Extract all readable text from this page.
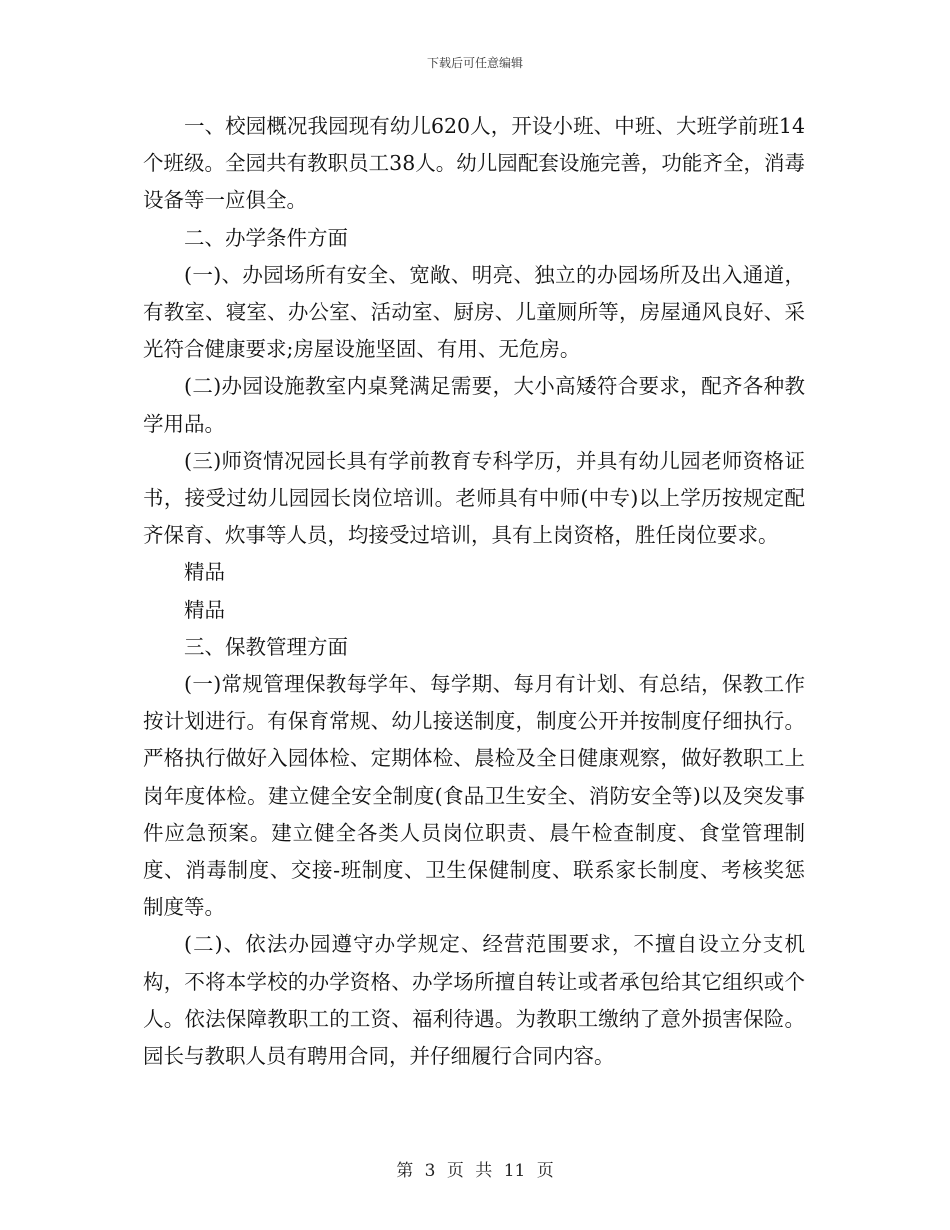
下载后可任意编辑

一、校园概况我园现有幼儿620人，开设小班、中班、大班学前班14个班级。全园共有教职员工38人。幼儿园配套设施完善，功能齐全，消毒设备等一应俱全。

二、办学条件方面

(一)、办园场所有安全、宽敞、明亮、独立的办园场所及出入通道，有教室、寝室、办公室、活动室、厨房、儿童厕所等，房屋通风良好、采光符合健康要求;房屋设施坚固、有用、无危房。

(二)办园设施教室内桌凳满足需要，大小高矮符合要求，配齐各种教学用品。

(三)师资情况园长具有学前教育专科学历，并具有幼儿园老师资格证书，接受过幼儿园园长岗位培训。老师具有中师(中专)以上学历按规定配齐保育、炊事等人员，均接受过培训，具有上岗资格，胜任岗位要求。

精品

精品

三、保教管理方面

(一)常规管理保教每学年、每学期、每月有计划、有总结，保教工作按计划进行。有保育常规、幼儿接送制度，制度公开并按制度仔细执行。严格执行做好入园体检、定期体检、晨检及全日健康观察，做好教职工上岗年度体检。建立健全安全制度(食品卫生安全、消防安全等)以及突发事件应急预案。建立健全各类人员岗位职责、晨午检查制度、食堂管理制度、消毒制度、交接-班制度、卫生保健制度、联系家长制度、考核奖惩制度等。

(二)、依法办园遵守办学规定、经营范围要求，不擅自设立分支机构，不将本学校的办学资格、办学场所擅自转让或者承包给其它组织或个人。依法保障教职工的工资、福利待遇。为教职工缴纳了意外损害保险。园长与教职人员有聘用合同，并仔细履行合同内容。

第 3 页 共 11 页
